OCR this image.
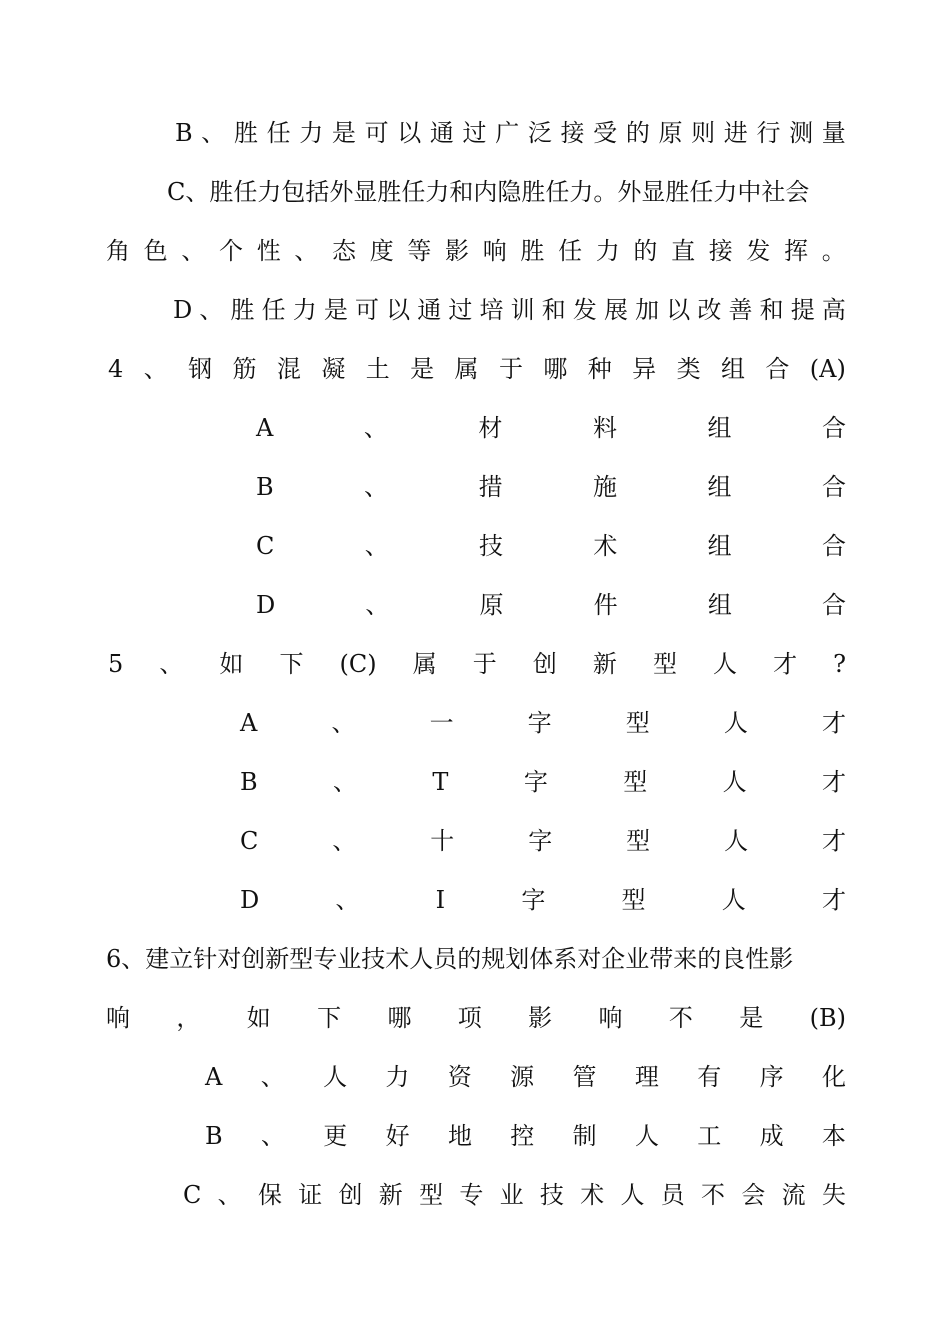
B 、 胜 任 力 是 可 以 通 过 广 泛 接 受 的 原 则 进 行 测 量
C、胜任力包括外显胜任力和内隐胜任力。外显胜任力中社会
角 色 、 个 性 、 态 度 等 影 响 胜 任 力 的 直 接 发 挥 。
D 、 胜 任 力 是 可 以 通 过 培 训 和 发 展 加 以 改 善 和 提 高
4 、 钢 筋 混 凝 土 是 属 于 哪 种 异 类 组 合 (A)
A	、	材	料	组	合
B	、	措	施	组	合
C	、	技	术	组	合
D	、	原	件	组	合
5 、 如 下 (C) 属 于 创 新 型 人 才 ?
A	、	一	字	型	人	才
B	、	T	字	型	人	才
C	、	十	字	型	人	才
D	、	I	字	型	人	才
6、建立针对创新型专业技术人员的规划体系对企业带来的良性影
响 ， 如 下 哪 项 影 响 不 是 (B)
A 、 人 力 资 源 管 理 有 序 化
B 、 更 好 地 控 制 人 工 成 本
C 、 保 证 创 新 型 专 业 技 术 人 员 不 会 流 失
